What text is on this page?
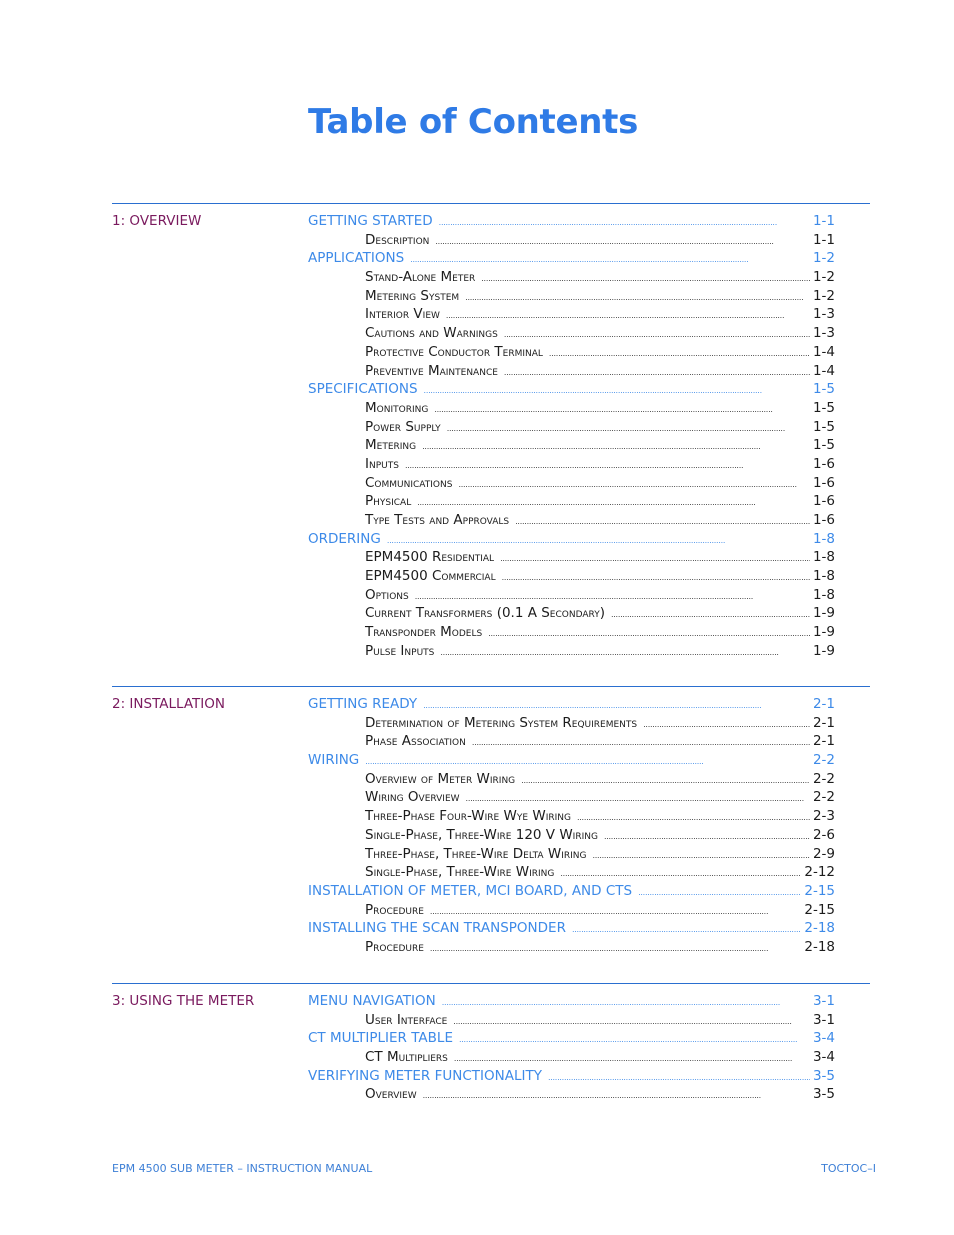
Table of Contents
1: OVERVIEW	GETTING STARTED . . .	1-1
Description . . .	1-1
APPLICATIONS . . .	1-2
Stand-Alone Meter . . .	1-2
Metering System . . .	1-2
Interior View . . .	1-3
Cautions and Warnings . . .	1-3
Protective Conductor Terminal . . .	1-4
Preventive Maintenance . . .	1-4
SPECIFICATIONS . . .	1-5
Monitoring . . .	1-5
Power Supply . . .	1-5
Metering . . .	1-5
Inputs . . .	1-6
Communications . . .	1-6
Physical . . .	1-6
Type Tests and Approvals . . .	1-6
ORDERING . . .	1-8
EPM4500 Residential . . .	1-8
EPM4500 Commercial . . .	1-8
Options . . .	1-8
Current Transformers (0.1 A Secondary) . . .	1-9
Transponder Models . . .	1-9
Pulse Inputs . . .	1-9
2: INSTALLATION	GETTING READY . . .	2-1
Determination of Metering System Requirements . . .	2-1
Phase Association . . .	2-1
WIRING . . .	2-2
Overview of Meter Wiring . . .	2-2
Wiring Overview . . .	2-2
Three-Phase Four-Wire Wye Wiring . . .	2-3
Single-Phase, Three-Wire 120 V Wiring . . .	2-6
Three-Phase, Three-Wire Delta Wiring . . .	2-9
Single-Phase, Three-Wire Wiring . . .	2-12
INSTALLATION OF METER, MCI BOARD, AND CTS . . .	2-15
Procedure . . .	2-15
INSTALLING THE SCAN TRANSPONDER . . .	2-18
Procedure . . .	2-18
3: USING THE METER	MENU NAVIGATION . . .	3-1
User Interface . . .	3-1
CT MULTIPLIER TABLE . . .	3-4
CT Multipliers . . .	3-4
VERIFYING METER FUNCTIONALITY . . .	3-5
Overview . . .	3-5
EPM 4500 SUB METER – INSTRUCTION MANUAL	TOCTOC–I
